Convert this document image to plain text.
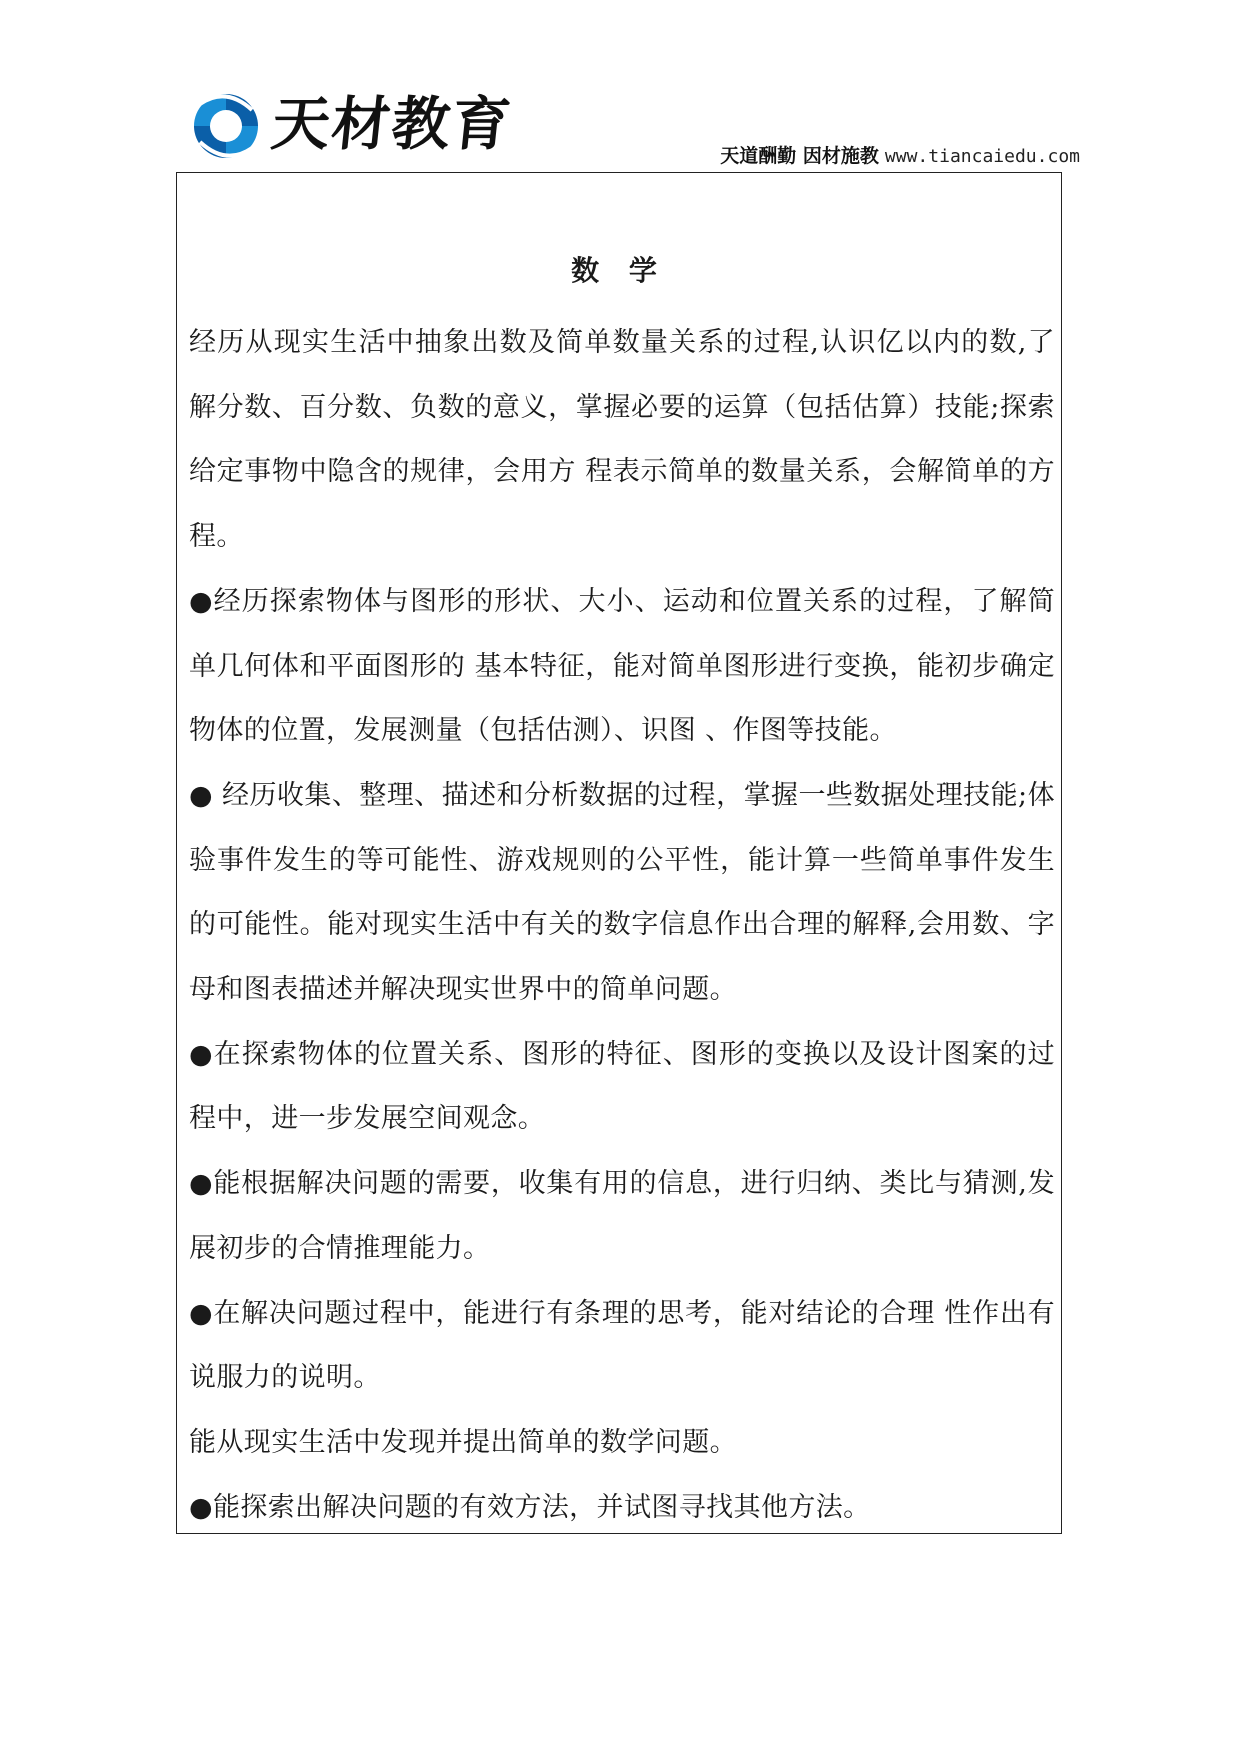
天材教育	天道酬勤 因材施教 www.tiancaiedu.com
数 学

经历从现实生活中抽象出数及简单数量关系的过程,认识亿以内的数,了解分数、百分数、负数的意义，掌握必要的运算（包括估算）技能;探索给定事物中隐含的规律，会用方 程表示简单的数量关系，会解简单的方程。

●经历探索物体与图形的形状、大小、运动和位置关系的过程，了解简单几何体和平面图形的 基本特征，能对简单图形进行变换，能初步确定物体的位置，发展测量（包括估测）、识图 、作图等技能。

● 经历收集、整理、描述和分析数据的过程，掌握一些数据处理技能;体验事件发生的等可能性、游戏规则的公平性，能计算一些简单事件发生的可能性。能对现实生活中有关的数字信息作出合理的解释,会用数、字母和图表描述并解决现实世界中的简单问题。

●在探索物体的位置关系、图形的特征、图形的变换以及设计图案的过程中，进一步发展空间观念。

●能根据解决问题的需要，收集有用的信息，进行归纳、类比与猜测,发展初步的合情推理能力。

●在解决问题过程中，能进行有条理的思考，能对结论的合理 性作出有说服力的说明。

能从现实生活中发现并提出简单的数学问题。

●能探索出解决问题的有效方法，并试图寻找其他方法。
